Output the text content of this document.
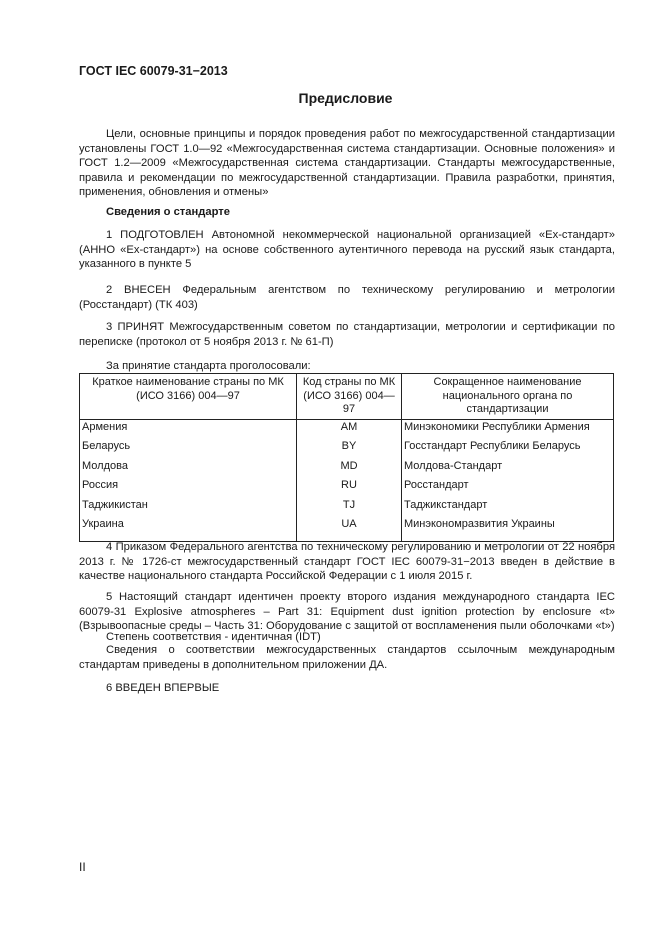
ГОСТ IEC 60079-31−2013
Предисловие

Цели, основные принципы и порядок проведения работ по межгосударственной стандартизации установлены ГОСТ 1.0—92 «Межгосударственная система стандартизации. Основные положения» и ГОСТ 1.2—2009 «Межгосударственная система стандартизации. Стандарты межгосударственные, правила и рекомендации по межгосударственной стандартизации. Правила разработки, принятия, применения, обновления и отмены»

Сведения о стандарте

1 ПОДГОТОВЛЕН Автономной некоммерческой национальной организацией «Ex-стандарт» (АННО «Ex-стандарт») на основе собственного аутентичного перевода на русский язык стандарта, указанного в пункте 5

2 ВНЕСЕН Федеральным агентством по техническому регулированию и метрологии (Росстандарт) (ТК 403)

3 ПРИНЯТ Межгосударственным советом по стандартизации, метрологии и сертификации по переписке (протокол от 5 ноября 2013 г. № 61-П)

За принятие стандарта проголосовали:

Краткое наименование страны по МК (ИСО 3166) 004—97	Код страны по МК (ИСО 3166) 004—97	Сокращенное наименование национального органа по стандартизации
Армения	AM	Минэкономики Республики Армения
Беларусь	BY	Госстандарт Республики Беларусь
Молдова	MD	Молдова-Стандарт
Россия	RU	Росстандарт
Таджикистан	TJ	Таджикстандарт
Украина	UA	Минэкономразвития Украины

4 Приказом Федерального агентства по техническому регулированию и метрологии от 22 ноября 2013 г. № 1726-ст межгосударственный стандарт ГОСТ IEC 60079-31−2013 введен в действие в качестве национального стандарта Российской Федерации с 1 июля 2015 г.

5 Настоящий стандарт идентичен проекту второго издания международного стандарта IEC 60079-31 Explosive atmospheres – Part 31: Equipment dust ignition protection by enclosure «t» (Взрывоопасные среды – Часть 31: Оборудование с защитой от воспламенения пыли оболочками «t»)

Степень соответствия - идентичная (IDT)

Сведения о соответствии межгосударственных стандартов ссылочным международным стандартам приведены в дополнительном приложении ДА.

6 ВВЕДЕН ВПЕРВЫЕ

II
